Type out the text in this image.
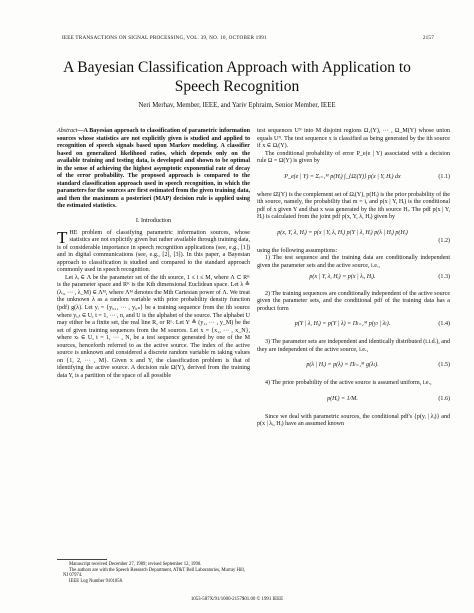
IEEE TRANSACTIONS ON SIGNAL PROCESSING, VOL. 39, NO. 10, OCTOBER 1991	2157
A Bayesian Classification Approach with Application to Speech Recognition
Neri Merhav, Member, IEEE, and Yariv Ephraim, Senior Member, IEEE

Abstract—A Bayesian approach to classification of parametric information sources whose statistics are not explicitly given is studied and applied to recognition of speech signals based upon Markov modeling. A classifier based on generalized likelihood ratios, which depends only on the available training and testing data, is developed and shown to be optimal in the sense of achieving the highest asymptotic exponential rate of decay of the error probability. The proposed approach is compared to the standard classification approach used in speech recognition, in which the parameters for the sources are first estimated from the given training data, and then the maximum a posteriori (MAP) decision rule is applied using the estimated statistics.

I. Introduction

THE problem of classifying parametric information sources, whose statistics are not explicitly given but rather available through training data, is of considerable importance in speech recognition applications (see, e.g., [1]) and in digital communications (see, e.g., [2], [3]). In this paper, a Bayesian approach to classification is studied and compared to the standard approach commonly used in speech recognition.

Let λᵢ ∈ Λ be the parameter set of the ith source, 1 ≤ i ≤ M, where Λ ⊂ Rᴷ is the parameter space and Rᴷ is the Kth dimensional Euclidean space. Let λ ≜ (λ₁, ··· , λ_M) ∈ Λᴹ, where Λᴹ denotes the Mth Cartesian power of Λ. We treat the unknown λ as a random variable with prior probability density function (pdf) g(λ). Let yᵢ = {yᵢ,₁, ··· , yᵢ,ₙ} be a training sequence from the ith source where yᵢ,ₜ ∈ U, t = 1, ··· , n, and U is the alphabet of the source. The alphabet U may either be a finite set, the real line R, or Rᴸ. Let Y ≜ (y₁, ··· , y_M) be the set of given training sequences from the M sources. Let x = {x₁, ··· , x_N}, where xₜ ∈ U, t = 1, ··· , N, be a test sequence generated by one of the M sources, henceforth referred to as the active source. The index of the active source is unknown and considered a discrete random variable m taking values on {1, 2, ··· , M}. Given x and Y, the classification problem is that of identifying the active source. A decision rule Ω(Y), derived from the training data Y, is a partition of the space of all possible

test sequences Uᴺ into M disjoint regions Ω₁(Y), ··· , Ω_M(Y) whose union equals Uᴺ. The test sequence x is classified as being generated by the ith source if x ∈ Ωᵢ(Y).

The conditional probability of error P_e(e | Y) associated with a decision rule Ω = Ω(Y) is given by

P_e(e | Y) = Σᵢ₌₁ᴹ p(Hᵢ) ∫_{Ω̄ᵢ(Y)} p(x | Y, Hᵢ) dx	(1.1)

where Ω̄ᵢ(Y) is the complement set of Ωᵢ(Y), p(Hᵢ) is the prior probability of the ith source, namely, the probability that m = i, and p(x | Y, Hᵢ) is the conditional pdf of x given Y and that x was generated by the ith source Hᵢ. The pdf p(x | Y, Hᵢ) is calculated from the joint pdf p(x, Y, λ, Hᵢ) given by

p(x, Y, λ, Hᵢ) = p(x | Y, λ, Hᵢ) p(Y | λ, Hᵢ) p(λ | Hᵢ) p(Hᵢ)
(1.2)

using the following assumptions:

1) The test sequence and the training data are conditionally independent given the parameter sets and the active source, i.e.,

p(x | Y, λ, Hᵢ) = p(x | λᵢ, Hᵢ).	(1.3)

2) The training sequences are conditionally independent of the active source given the parameter sets, and the conditional pdf of the training data has a product form

p(Y | λ, Hᵢ) = p(Y | λ) = Πₗ₌₁ᴹ p(yₗ | λₗ).	(1.4)

3) The parameter sets are independent and identically distributed (i.i.d.), and they are independent of the active source, i.e.,

p(λ | Hᵢ) = p(λ) = Πₗ₌₁ᴹ g(λₗ).	(1.5)

4) The prior probability of the active source is assumed uniform, i.e.,

p(Hᵢ) = 1/M.	(1.6)

Since we deal with parametric sources, the conditional pdf's {p(yᵢ | λᵢ)} and p(x | λᵢ, Hᵢ) have an assumed known

Manuscript received December 27, 1989; revised September 12, 1990.

The authors are with the Speech Research Department, AT&T Bell Laboratories, Murray Hill, NJ 07974.

IEEE Log Number 9101858.

1053-587X/91/1000-2157$01.00 © 1991 IEEE
